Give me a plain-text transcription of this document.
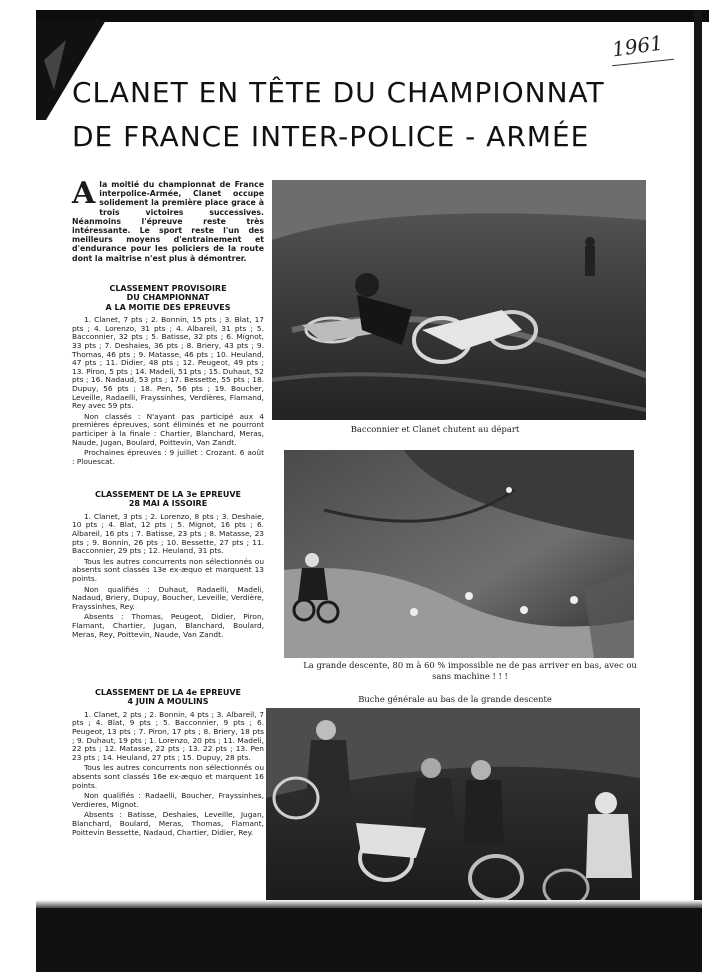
1961
CLANET EN TÊTE DU CHAMPIONNAT
DE FRANCE INTER-POLICE - ARMÉE
Ala moitié du championnat de France interpolice-Armée, Clanet occupe solidement la première place grace à trois victoires successives. Néanmoins l'épreuve reste très intéressante. Le sport reste l'un des meilleurs moyens d'entrainement et d'endurance pour les policiers de la route dont la maitrise n'est plus à démontrer.

CLASSEMENT PROVISOIRE

DU CHAMPIONNAT

A LA MOITIE DES EPREUVES

1. Clanet, 7 pts ; 2. Bonnin, 15 pts ; 3. Blat, 17 pts ; 4. Lorenzo, 31 pts ; 4. Albareil, 31 pts ; 5. Bacconnier, 32 pts ; 5. Batisse, 32 pts ; 6. Mignot, 33 pts ; 7. Deshaies, 36 pts ; 8. Briery, 43 pts ; 9. Thomas, 46 pts ; 9. Matasse, 46 pts ; 10. Heuland, 47 pts ; 11. Didier, 48 pts ; 12. Peugeot, 49 pts ; 13. Piron, 5 pts ; 14. Madeli, 51 pts ; 15. Duhaut, 52 pts ; 16. Nadaud, 53 pts ; 17. Bessette, 55 pts ; 18. Dupuy, 56 pts ; 18. Pen, 56 pts ; 19. Boucher, Leveille, Radaelli, Frayssinhes, Verdières, Flamand, Rey avec 59 pts.

Non classés : N'ayant pas participé aux 4 premières épreuves, sont éliminés et ne pourront participer à la finale : Chartier, Blanchard, Meras, Naude, Jugan, Boulard, Poittevin, Van Zandt.

Prochaines épreuves : 9 juillet : Crozant. 6 août : Plouescat.

CLASSEMENT DE LA 3e EPREUVE

28 MAI A ISSOIRE

1. Clanet, 3 pts ; 2. Lorenzo, 8 pts ; 3. Deshaie, 10 pts ; 4. Blat, 12 pts ; 5. Mignot, 16 pts ; 6. Albareil, 16 pts ; 7. Batisse, 23 pts ; 8. Matasse, 23 pts ; 9. Bonnin, 26 pts ; 10. Bessette, 27 pts ; 11. Bacconnier, 29 pts ; 12. Heuland, 31 pts.

Tous les autres concurrents non sélectionnés ou absents sont classés 13e ex-æquo et marquent 13 points.

Non qualifiés : Duhaut, Radaelli, Madeli, Nadaud, Briery, Dupuy, Boucher, Leveille, Verdière, Frayssinhes, Rey.

Absents : Thomas, Peugeot, Didier, Piron, Flamant, Chartier, Jugan, Blanchard, Boulard, Meras, Rey, Poittevin, Naude, Van Zandt.

CLASSEMENT DE LA 4e EPREUVE

4 JUIN A MOULINS

1. Clanet, 2 pts ; 2. Bonnin, 4 pts ; 3. Albareil, 7 pts ; 4. Blat, 9 pts ; 5. Bacconnier, 9 pts ; 6. Peugeot, 13 pts ; 7. Piron, 17 pts ; 8. Briery, 18 pts ; 9. Duhaut, 19 pts ; 1. Lorenzo, 20 pts ; 11. Madeli, 22 pts ; 12. Matasse, 22 pts ; 13. 22 pts ; 13. Pen 23 pts ; 14. Heuland, 27 pts ; 15. Dupuy, 28 pts.

Tous les autres concurrents non sélectionnés ou absents sont classés 16e ex-æquo et marquent 16 points.

Non qualifiés : Radaelli, Boucher, Frayssinhes, Verdieres, Mignot.

Absents : Batisse, Deshaies, Leveille, Jugan, Blanchard, Boulard, Meras, Thomas, Flamant, Poittevin Bessette, Nadaud, Chartier, Didier, Rey.

Bacconnier et Clanet chutent au départ
La grande descente, 80 m à 60 % impossible ne de pas arriver en bas, avec ou sans machine ! ! !
Buche générale au bas de la grande descente
